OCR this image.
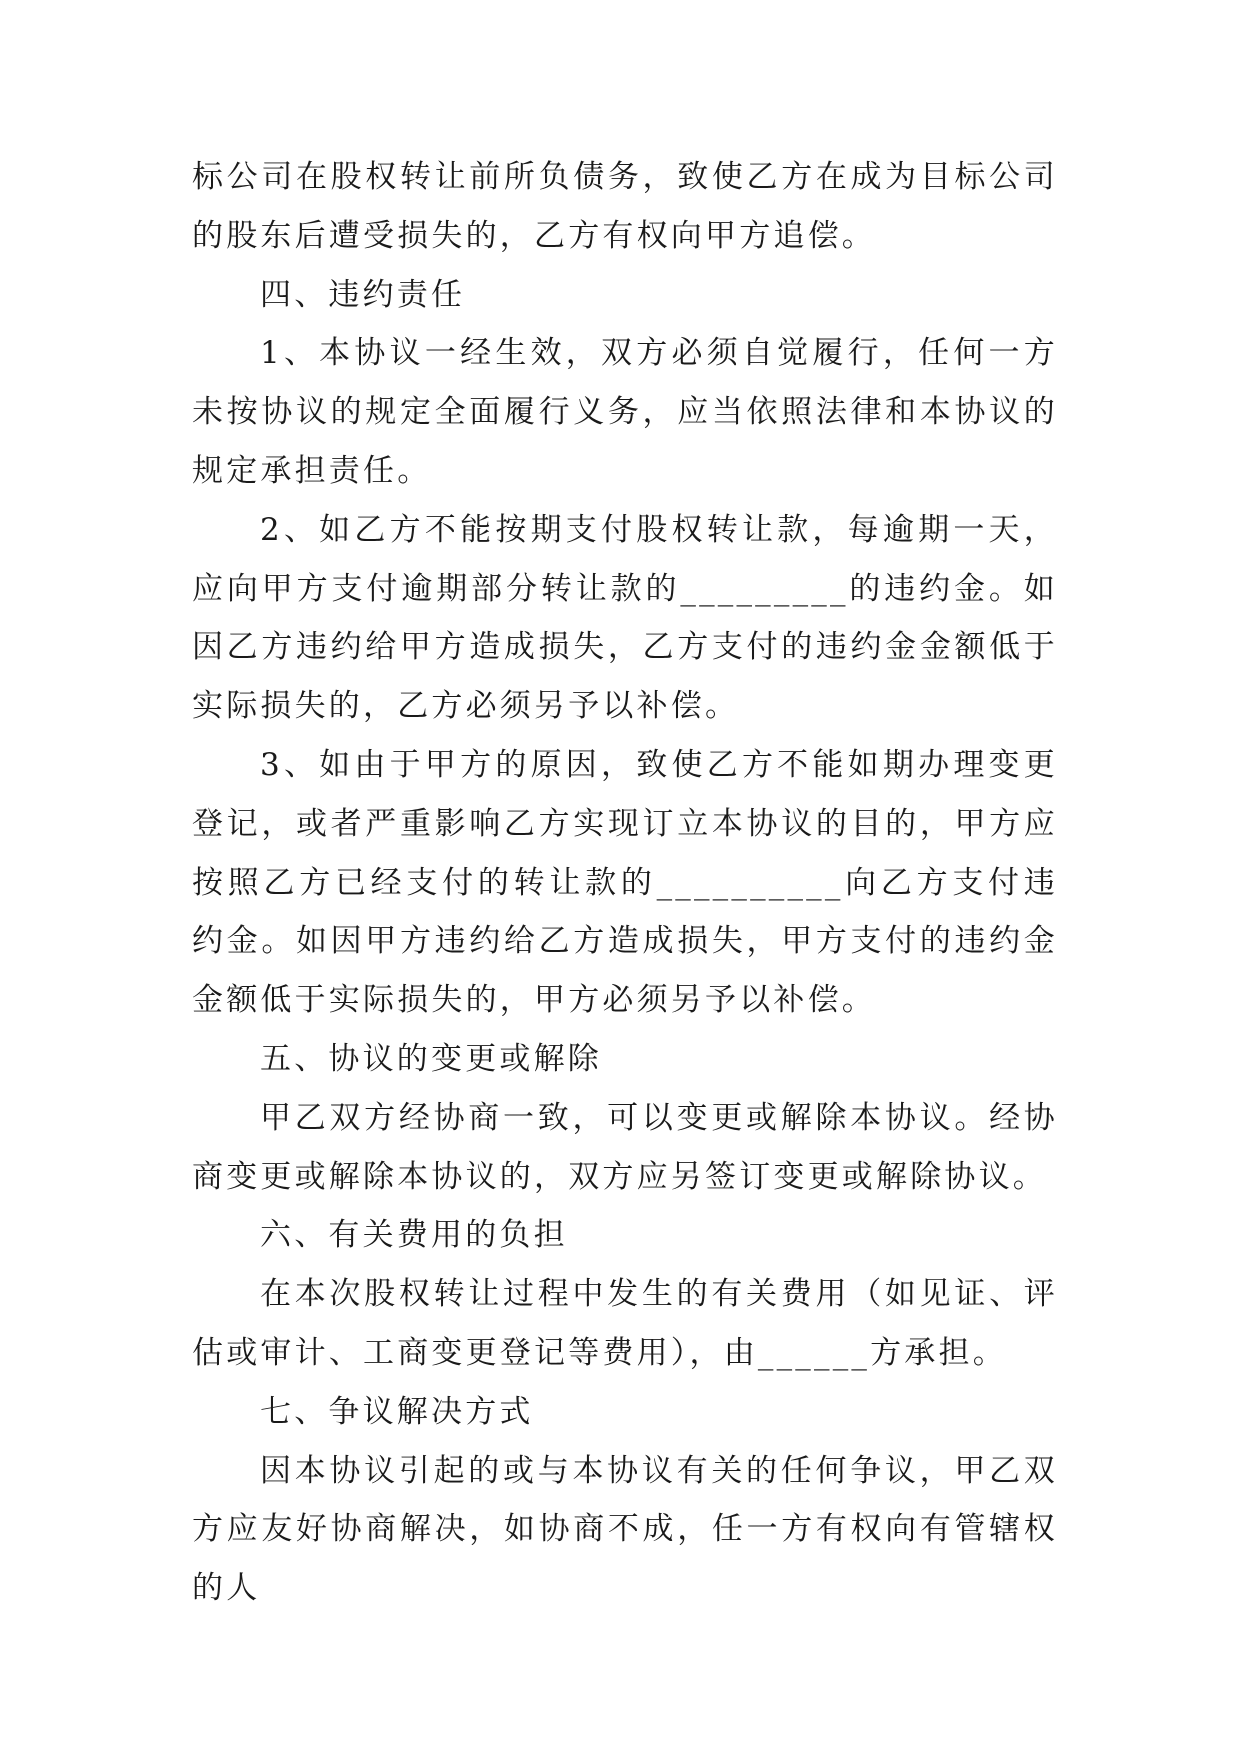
标公司在股权转让前所负债务，致使乙方在成为目标公司的股东后遭受损失的，乙方有权向甲方追偿。

四、违约责任

1、本协议一经生效，双方必须自觉履行，任何一方未按协议的规定全面履行义务，应当依照法律和本协议的规定承担责任。

2、如乙方不能按期支付股权转让款，每逾期一天，应向甲方支付逾期部分转让款的_________的违约金。如因乙方违约给甲方造成损失，乙方支付的违约金金额低于实际损失的，乙方必须另予以补偿。

3、如由于甲方的原因，致使乙方不能如期办理变更登记，或者严重影响乙方实现订立本协议的目的，甲方应按照乙方已经支付的转让款的__________向乙方支付违约金。如因甲方违约给乙方造成损失，甲方支付的违约金金额低于实际损失的，甲方必须另予以补偿。

五、协议的变更或解除

甲乙双方经协商一致，可以变更或解除本协议。经协商变更或解除本协议的，双方应另签订变更或解除协议。

六、有关费用的负担

在本次股权转让过程中发生的有关费用（如见证、评估或审计、工商变更登记等费用），由______方承担。

七、争议解决方式

因本协议引起的或与本协议有关的任何争议，甲乙双方应友好协商解决，如协商不成，任一方有权向有管辖权的人
